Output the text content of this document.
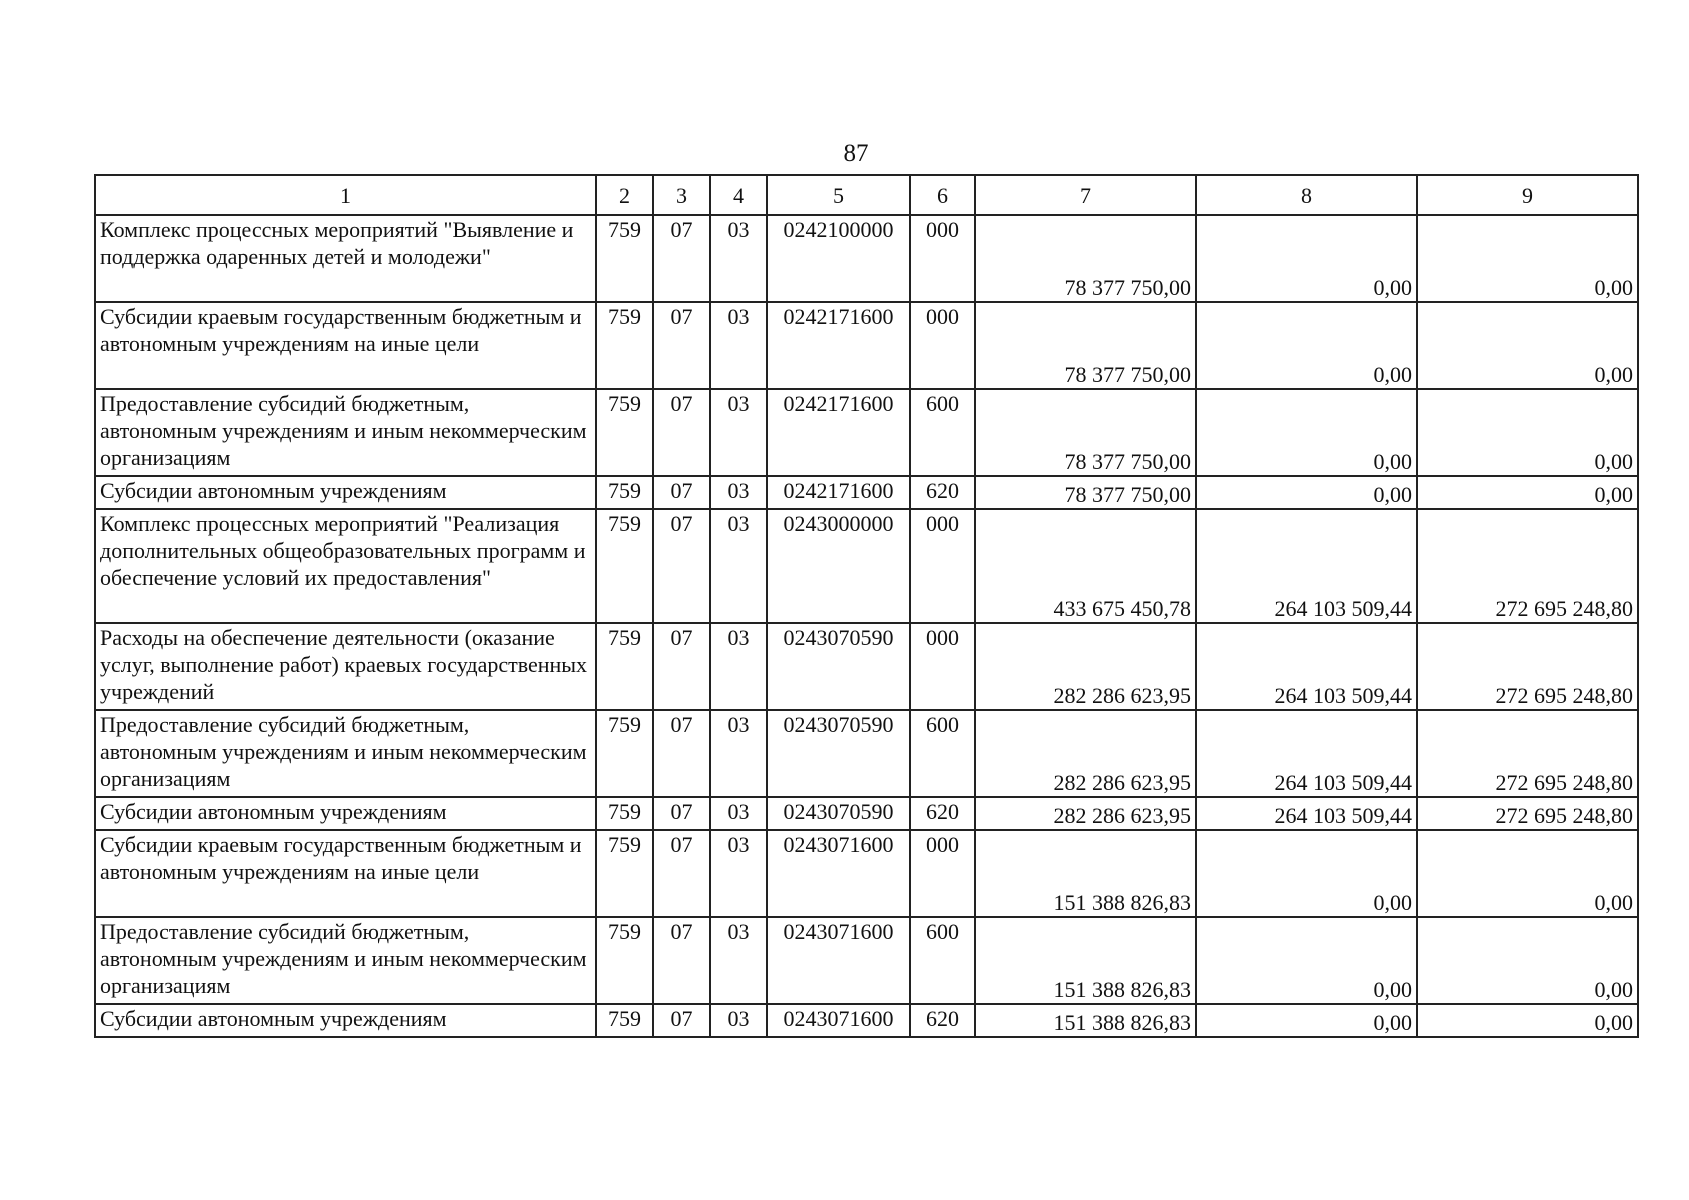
87
1	2	3	4	5	6	7	8	9
Комплекс процессных мероприятий "Выявление и поддержка одаренных детей и молодежи"	759	07	03	0242100000	000	78 377 750,00	0,00	0,00
Субсидии краевым государственным бюджетным и автономным учреждениям на иные цели	759	07	03	0242171600	000	78 377 750,00	0,00	0,00
Предоставление субсидий бюджетным, автономным учреждениям и иным некоммерческим организациям	759	07	03	0242171600	600	78 377 750,00	0,00	0,00
Субсидии автономным учреждениям	759	07	03	0242171600	620	78 377 750,00	0,00	0,00
Комплекс процессных мероприятий "Реализация дополнительных общеобразовательных программ и обеспечение условий их предоставления"	759	07	03	0243000000	000	433 675 450,78	264 103 509,44	272 695 248,80
Расходы на обеспечение деятельности (оказание услуг, выполнение работ) краевых государственных учреждений	759	07	03	0243070590	000	282 286 623,95	264 103 509,44	272 695 248,80
Предоставление субсидий бюджетным, автономным учреждениям и иным некоммерческим организациям	759	07	03	0243070590	600	282 286 623,95	264 103 509,44	272 695 248,80
Субсидии автономным учреждениям	759	07	03	0243070590	620	282 286 623,95	264 103 509,44	272 695 248,80
Субсидии краевым государственным бюджетным и автономным учреждениям на иные цели	759	07	03	0243071600	000	151 388 826,83	0,00	0,00
Предоставление субсидий бюджетным, автономным учреждениям и иным некоммерческим организациям	759	07	03	0243071600	600	151 388 826,83	0,00	0,00
Субсидии автономным учреждениям	759	07	03	0243071600	620	151 388 826,83	0,00	0,00
